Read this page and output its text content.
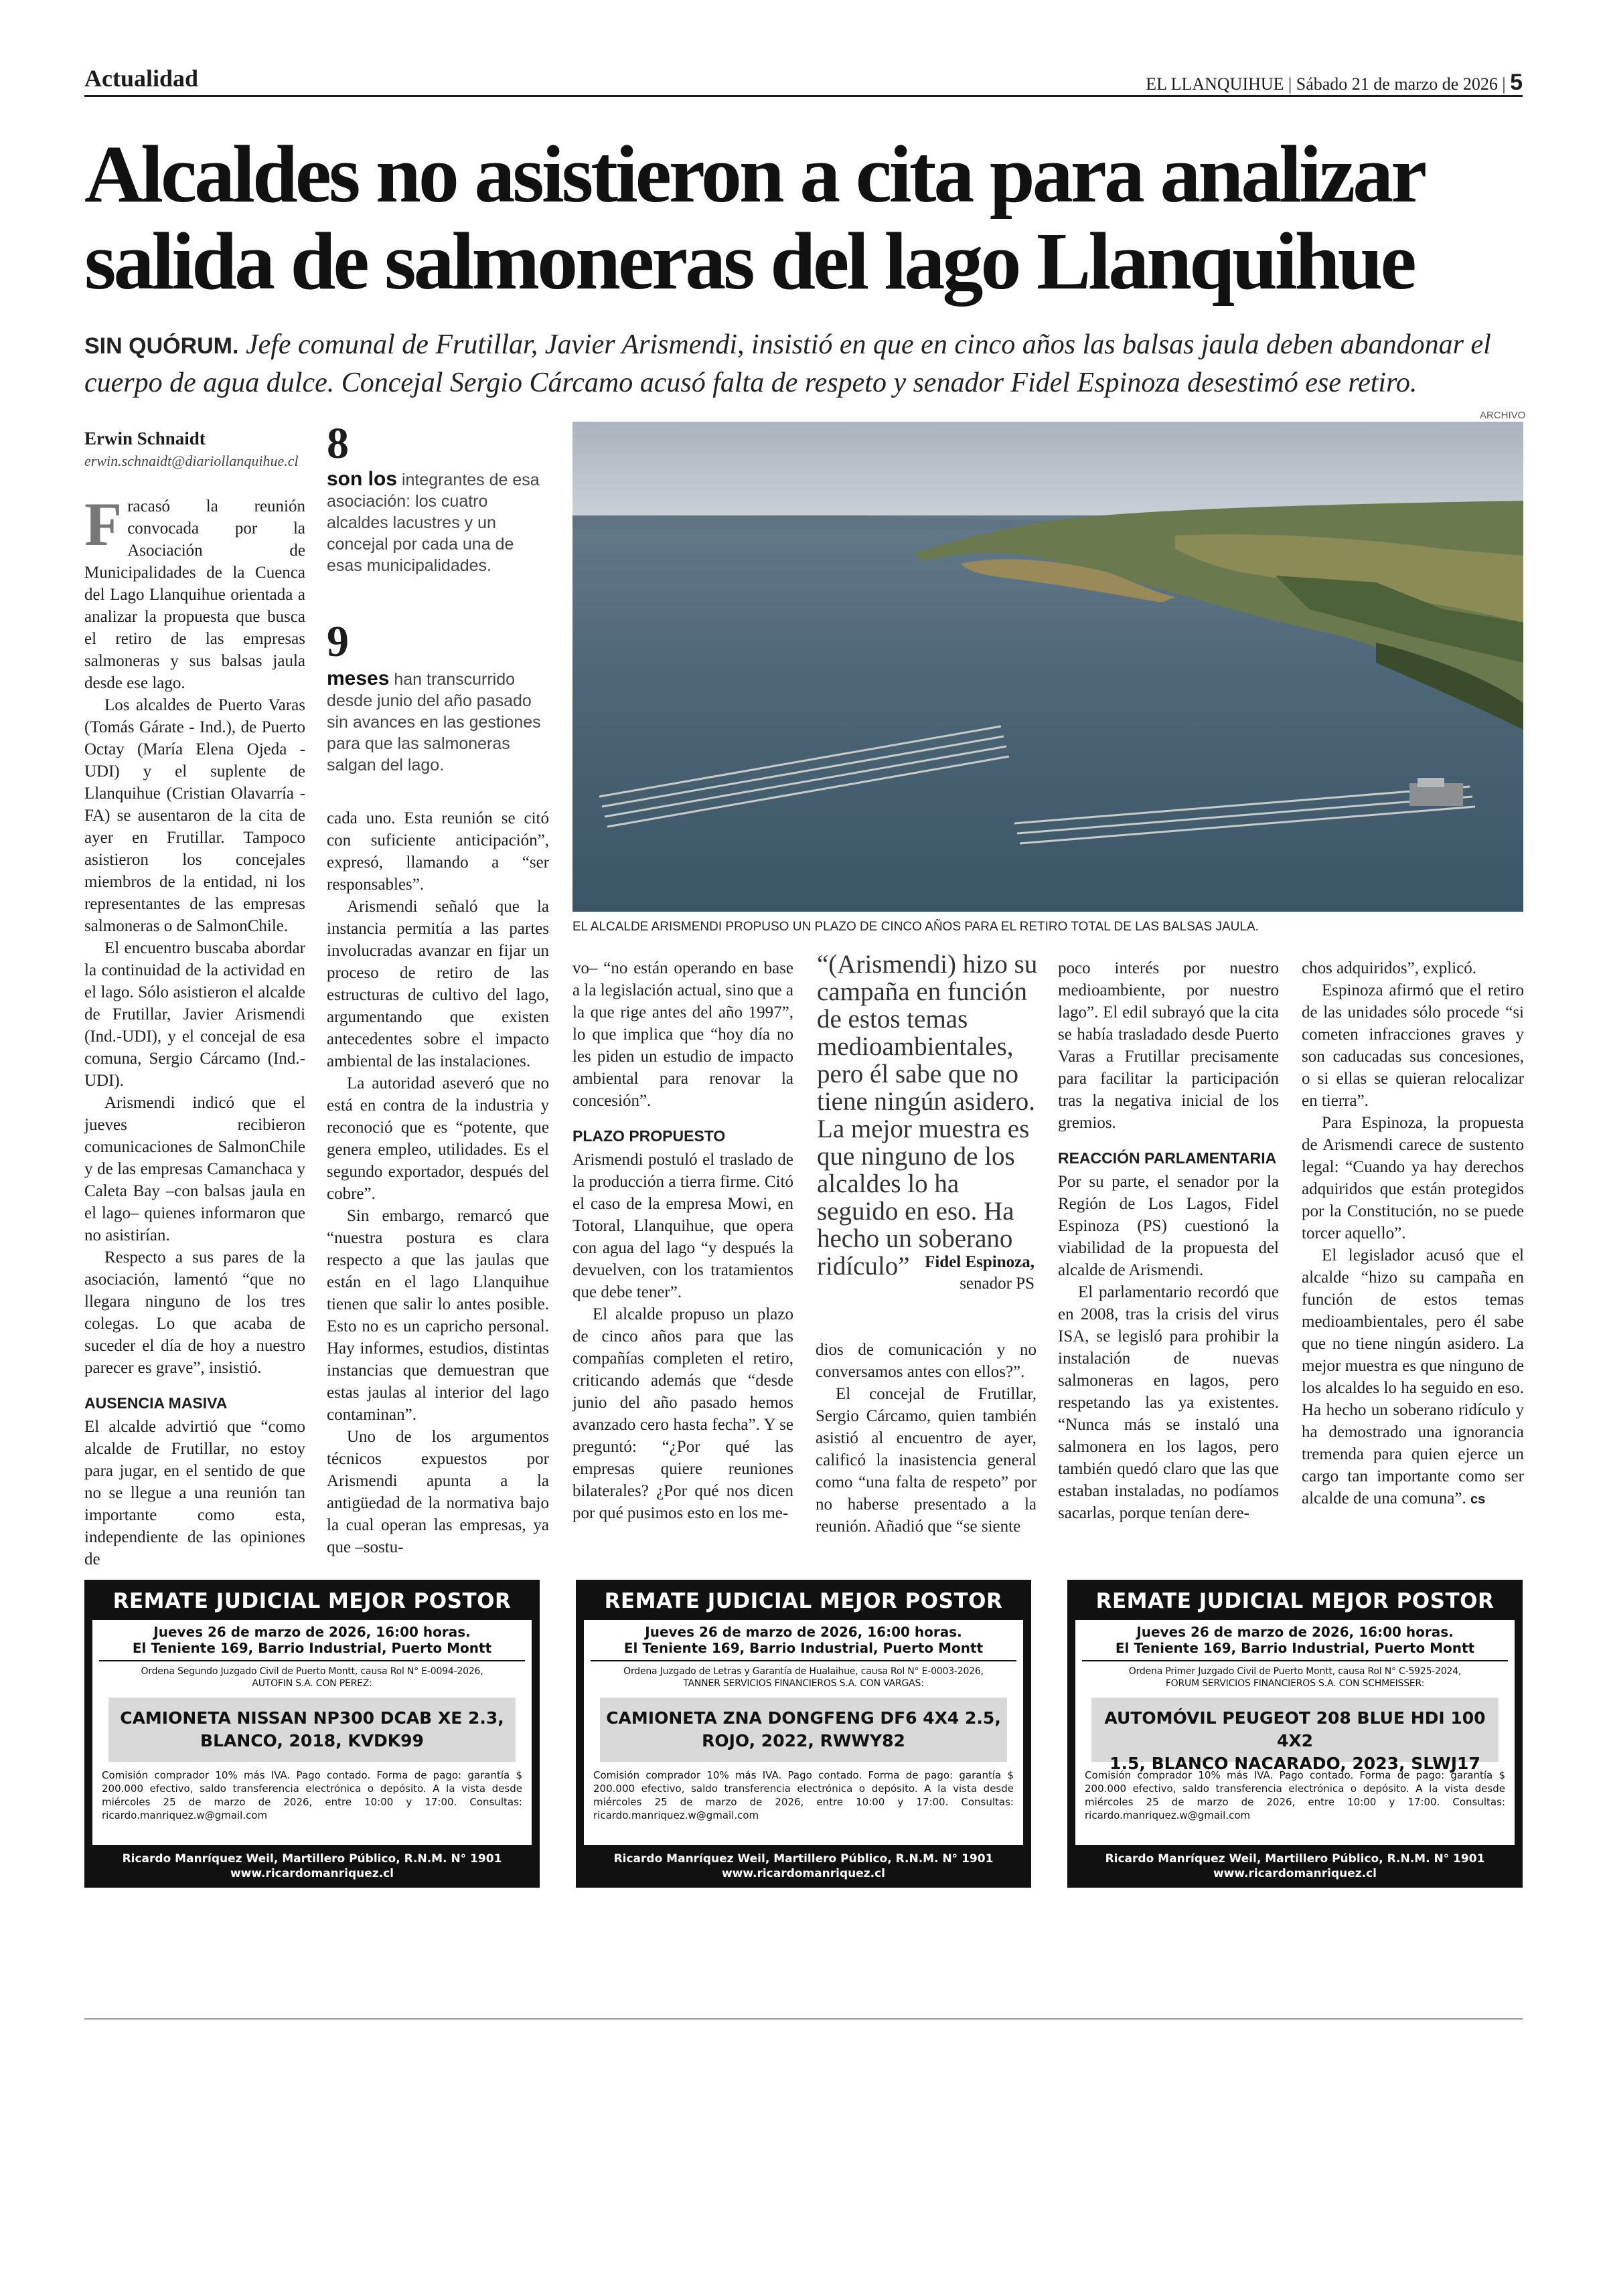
Actualidad	EL LLANQUIHUE | Sábado 21 de marzo de 2026 | 5
Alcaldes no asistieron a cita para analizar
salida de salmoneras del lago Llanquihue
SIN QUÓRUM. Jefe comunal de Frutillar, Javier Arismendi, insistió en que en cinco años las balsas jaula deben abandonar el cuerpo de agua dulce. Concejal Sergio Cárcamo acusó falta de respeto y senador Fidel Espinoza desestimó ese retiro.
Erwin Schnaidt
erwin.schnaidt@diariollanquihue.cl

Fracasó la reunión convocada por la Asociación de Municipalidades de la Cuenca del Lago Llanquihue orientada a analizar la propuesta que busca el retiro de las empresas salmoneras y sus balsas jaula desde ese lago.

Los alcaldes de Puerto Varas (Tomás Gárate - Ind.), de Puerto Octay (María Elena Ojeda - UDI) y el suplente de Llanquihue (Cristian Olavarría - FA) se ausentaron de la cita de ayer en Frutillar. Tampoco asistieron los concejales miembros de la entidad, ni los representantes de las empresas salmoneras o de SalmonChile.

El encuentro buscaba abordar la continuidad de la actividad en el lago. Sólo asistieron el alcalde de Frutillar, Javier Arismendi (Ind.-UDI), y el concejal de esa comuna, Sergio Cárcamo (Ind.-UDI).

Arismendi indicó que el jueves recibieron comunicaciones de SalmonChile y de las empresas Camanchaca y Caleta Bay –con balsas jaula en el lago– quienes informaron que no asistirían.

Respecto a sus pares de la asociación, lamentó “que no llegara ninguno de los tres colegas. Lo que acaba de suceder el día de hoy a nuestro parecer es grave”, insistió.

AUSENCIA MASIVA

El alcalde advirtió que “como alcalde de Frutillar, no estoy para jugar, en el sentido de que no se llegue a una reunión tan importante como esta, independiente de las opiniones de

8
son los integrantes de esa asociación: los cuatro alcaldes lacustres y un concejal por cada una de esas municipalidades.
9
meses han transcurrido desde junio del año pasado sin avances en las gestiones para que las salmoneras salgan del lago.

cada uno. Esta reunión se citó con suficiente anticipación”, expresó, llamando a “ser responsables”.

Arismendi señaló que la instancia permitía a las partes involucradas avanzar en fijar un proceso de retiro de las estructuras de cultivo del lago, argumentando que existen antecedentes sobre el impacto ambiental de las instalaciones.

La autoridad aseveró que no está en contra de la industria y reconoció que es “potente, que genera empleo, utilidades. Es el segundo exportador, después del cobre”.

Sin embargo, remarcó que “nuestra postura es clara respecto a que las jaulas que están en el lago Llanquihue tienen que salir lo antes posible. Esto no es un capricho personal. Hay informes, estudios, distintas instancias que demuestran que estas jaulas al interior del lago contaminan”.

Uno de los argumentos técnicos expuestos por Arismendi apunta a la antigüedad de la normativa bajo la cual operan las empresas, ya que –sostu-

ARCHIVO
EL ALCALDE ARISMENDI PROPUSO UN PLAZO DE CINCO AÑOS PARA EL RETIRO TOTAL DE LAS BALSAS JAULA.

vo– “no están operando en base a la legislación actual, sino que a la que rige antes del año 1997”, lo que implica que “hoy día no les piden un estudio de impacto ambiental para renovar la concesión”.

PLAZO PROPUESTO

Arismendi postuló el traslado de la producción a tierra firme. Citó el caso de la empresa Mowi, en Totoral, Llanquihue, que opera con agua del lago “y después la devuelven, con los tratamientos que debe tener”.

El alcalde propuso un plazo de cinco años para que las compañías completen el retiro, criticando además que “desde junio del año pasado hemos avanzado cero hasta fecha”. Y se preguntó: “¿Por qué las empresas quiere reuniones bilaterales? ¿Por qué nos dicen por qué pusimos esto en los me-

“(Arismendi) hizo su campaña en función de estos temas medioambientales, pero él sabe que no tiene ningún asidero. La mejor muestra es que ninguno de los alcaldes lo ha seguido en eso. Ha hecho un soberano ridículo” Fidel Espinoza,
senador PS

dios de comunicación y no conversamos antes con ellos?”.

El concejal de Frutillar, Sergio Cárcamo, quien también asistió al encuentro de ayer, calificó la inasistencia general como “una falta de respeto” por no haberse presentado a la reunión. Añadió que “se siente

poco interés por nuestro medioambiente, por nuestro lago”. El edil subrayó que la cita se había trasladado desde Puerto Varas a Frutillar precisamente para facilitar la participación tras la negativa inicial de los gremios.

REACCIÓN PARLAMENTARIA

Por su parte, el senador por la Región de Los Lagos, Fidel Espinoza (PS) cuestionó la viabilidad de la propuesta del alcalde de Arismendi.

El parlamentario recordó que en 2008, tras la crisis del virus ISA, se legisló para prohibir la instalación de nuevas salmoneras en lagos, pero respetando las ya existentes. “Nunca más se instaló una salmonera en los lagos, pero también quedó claro que las que estaban instaladas, no podíamos sacarlas, porque tenían dere-

chos adquiridos”, explicó.

Espinoza afirmó que el retiro de las unidades sólo procede “si cometen infracciones graves y son caducadas sus concesiones, o si ellas se quieran relocalizar en tierra”.

Para Espinoza, la propuesta de Arismendi carece de sustento legal: “Cuando ya hay derechos adquiridos que están protegidos por la Constitución, no se puede torcer aquello”.

El legislador acusó que el alcalde “hizo su campaña en función de estos temas medioambientales, pero él sabe que no tiene ningún asidero. La mejor muestra es que ninguno de los alcaldes lo ha seguido en eso. Ha hecho un soberano ridículo y ha demostrado una ignorancia tremenda para quien ejerce un cargo tan importante como ser alcalde de una comuna”. cs

REMATE JUDICIAL MEJOR POSTOR
Jueves 26 de marzo de 2026, 16:00 horas.
El Teniente 169, Barrio Industrial, Puerto Montt
Ordena Segundo Juzgado Civil de Puerto Montt, causa Rol N° E-0094-2026,
AUTOFIN S.A. CON PEREZ:
CAMIONETA NISSAN NP300 DCAB XE 2.3,
BLANCO, 2018, KVDK99
Comisión comprador 10% más IVA. Pago contado. Forma de pago: garantía $ 200.000 efectivo, saldo transferencia electrónica o depósito. A la vista desde miércoles 25 de marzo de 2026, entre 10:00 y 17:00. Consultas: ricardo.manriquez.w@gmail.com
Ricardo Manríquez Weil, Martillero Público, R.N.M. N° 1901
www.ricardomanriquez.cl
REMATE JUDICIAL MEJOR POSTOR
Jueves 26 de marzo de 2026, 16:00 horas.
El Teniente 169, Barrio Industrial, Puerto Montt
Ordena Juzgado de Letras y Garantía de Hualaihue, causa Rol N° E-0003-2026,
TANNER SERVICIOS FINANCIEROS S.A. CON VARGAS:
CAMIONETA ZNA DONGFENG DF6 4X4 2.5,
ROJO, 2022, RWWY82
Comisión comprador 10% más IVA. Pago contado. Forma de pago: garantía $ 200.000 efectivo, saldo transferencia electrónica o depósito. A la vista desde miércoles 25 de marzo de 2026, entre 10:00 y 17:00. Consultas: ricardo.manriquez.w@gmail.com
Ricardo Manríquez Weil, Martillero Público, R.N.M. N° 1901
www.ricardomanriquez.cl
REMATE JUDICIAL MEJOR POSTOR
Jueves 26 de marzo de 2026, 16:00 horas.
El Teniente 169, Barrio Industrial, Puerto Montt
Ordena Primer Juzgado Civil de Puerto Montt, causa Rol N° C-5925-2024,
FORUM SERVICIOS FINANCIEROS S.A. CON SCHMEISSER:
AUTOMÓVIL PEUGEOT 208 BLUE HDI 100 4X2
1.5, BLANCO NACARADO, 2023, SLWJ17
Comisión comprador 10% más IVA. Pago contado. Forma de pago: garantía $ 200.000 efectivo, saldo transferencia electrónica o depósito. A la vista desde miércoles 25 de marzo de 2026, entre 10:00 y 17:00. Consultas: ricardo.manriquez.w@gmail.com
Ricardo Manríquez Weil, Martillero Público, R.N.M. N° 1901
www.ricardomanriquez.cl
